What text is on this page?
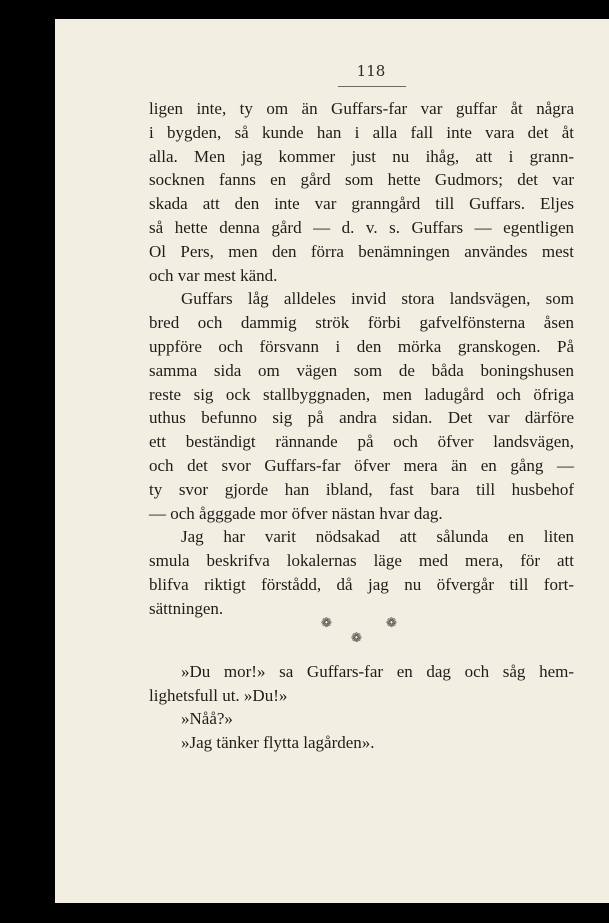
118
ligen inte, ty om än Guffars-far var guffar åt några
i bygden, så kunde han i alla fall inte vara det åt
alla. Men jag kommer just nu ihåg, att i grann-
socknen fanns en gård som hette Gudmors; det var
skada att den inte var granngård till Guffars. Eljes
så hette denna gård — d. v. s. Guffars — egentligen
Ol Pers, men den förra benämningen användes mest
och var mest känd.
Guffars låg alldeles invid stora landsvägen, som
bred och dammig strök förbi gafvelfönsterna åsen
uppföre och försvann i den mörka granskogen. På
samma sida om vägen som de båda boningshusen
reste sig ock stallbyggnaden, men ladugård och öfriga
uthus befunno sig på andra sidan. Det var därföre
ett beständigt rännande på och öfver landsvägen,
och det svor Guffars-far öfver mera än en gång —
ty svor gjorde han ibland, fast bara till husbehof
— och ågggade mor öfver nästan hvar dag.
Jag har varit nödsakad att sålunda en liten
smula beskrifva lokalernas läge med mera, för att
blifva riktigt förstådd, då jag nu öfvergår till fort-
sättningen.
❁	❁
❁
»Du mor!» sa Guffars-far en dag och såg hem-
lighetsfull ut. »Du!»
»Nåå?»
»Jag tänker flytta lagården».
